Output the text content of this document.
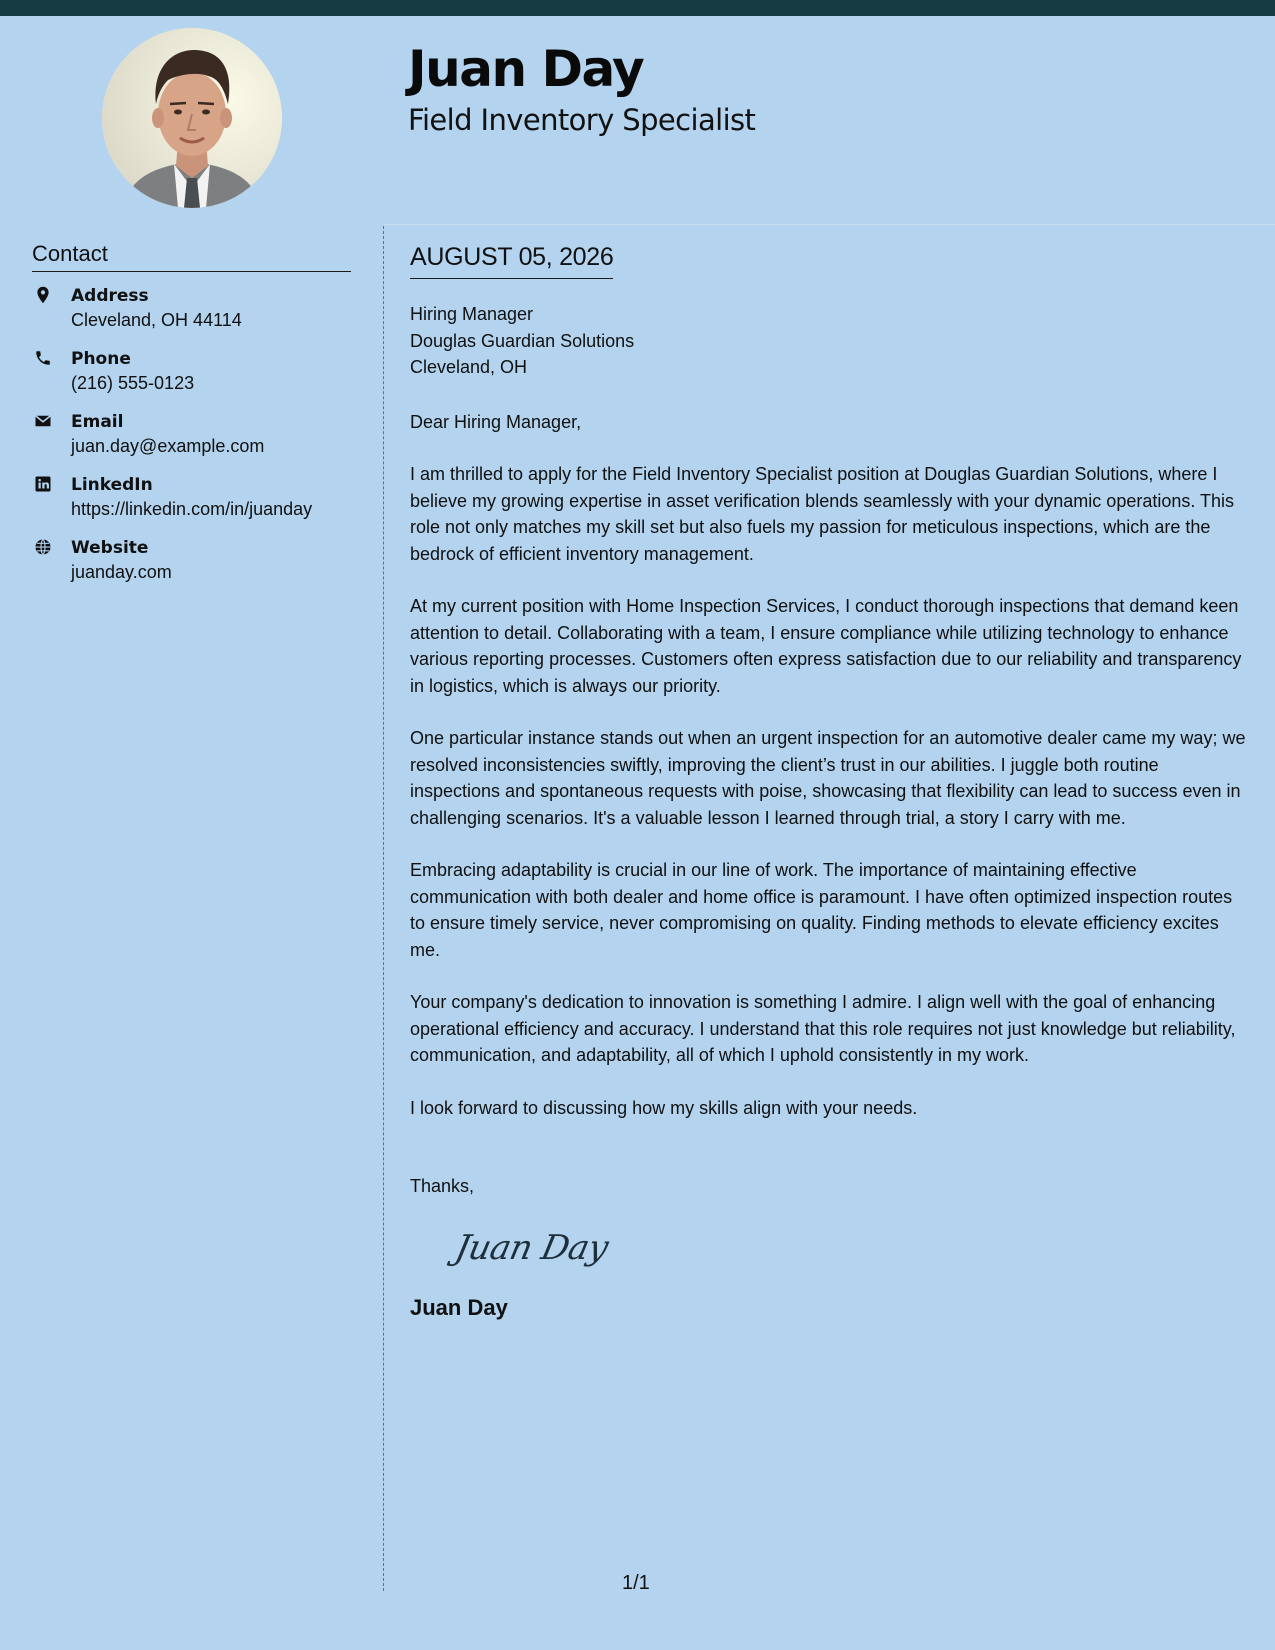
Juan Day
Field Inventory Specialist
Contact
Address
Cleveland, OH 44114
Phone
(216) 555-0123
Email
juan.day@example.com
LinkedIn
https://linkedin.com/in/juanday
Website
juanday.com
AUGUST 05, 2026
Hiring Manager
Douglas Guardian Solutions
Cleveland, OH
Dear Hiring Manager,

I am thrilled to apply for the Field Inventory Specialist position at Douglas Guardian Solutions, where I believe my growing expertise in asset verification blends seamlessly with your dynamic operations. This role not only matches my skill set but also fuels my passion for meticulous inspections, which are the bedrock of efficient inventory management.

At my current position with Home Inspection Services, I conduct thorough inspections that demand keen attention to detail. Collaborating with a team, I ensure compliance while utilizing technology to enhance various reporting processes. Customers often express satisfaction due to our reliability and transparency in logistics, which is always our priority.

One particular instance stands out when an urgent inspection for an automotive dealer came my way; we resolved inconsistencies swiftly, improving the client’s trust in our abilities. I juggle both routine inspections and spontaneous requests with poise, showcasing that flexibility can lead to success even in challenging scenarios. It's a valuable lesson I learned through trial, a story I carry with me.

Embracing adaptability is crucial in our line of work. The importance of maintaining effective communication with both dealer and home office is paramount. I have often optimized inspection routes to ensure timely service, never compromising on quality. Finding methods to elevate efficiency excites me.

Your company's dedication to innovation is something I admire. I align well with the goal of enhancing operational efficiency and accuracy. I understand that this role requires not just knowledge but reliability, communication, and adaptability, all of which I uphold consistently in my work.

I look forward to discussing how my skills align with your needs.

Thanks,
Juan Day
Juan Day
1/1
